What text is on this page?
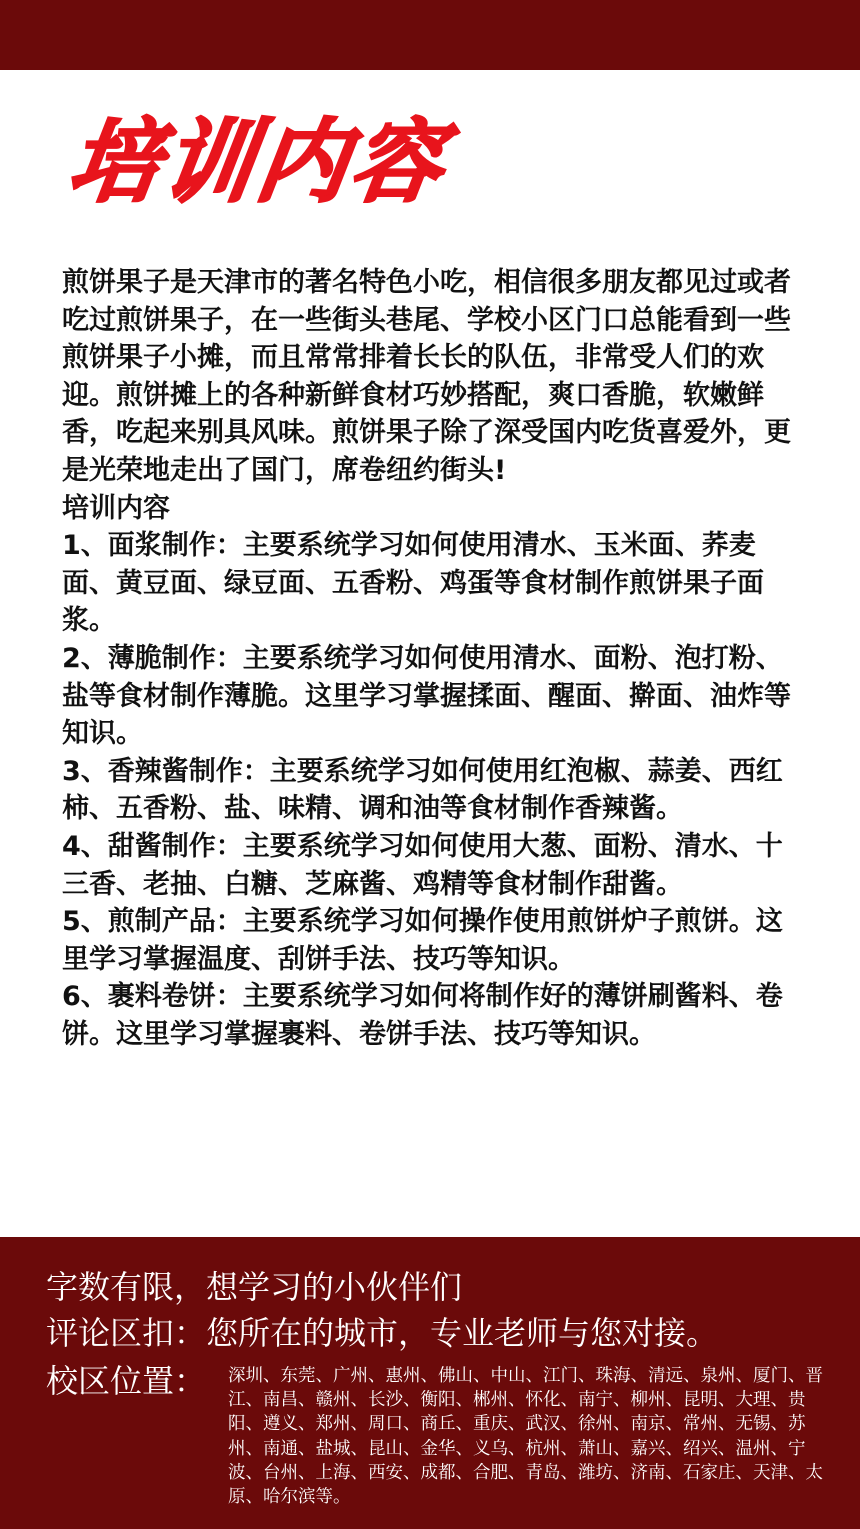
培训内容

煎饼果子是天津市的著名特色小吃，相信很多朋友都见过或者吃过煎饼果子，在一些街头巷尾、学校小区门口总能看到一些煎饼果子小摊，而且常常排着长长的队伍，非常受人们的欢迎。煎饼摊上的各种新鲜食材巧妙搭配，爽口香脆，软嫩鲜香，吃起来别具风味。煎饼果子除了深受国内吃货喜爱外，更是光荣地走出了国门，席卷纽约街头!

培训内容

1、面浆制作：主要系统学习如何使用清水、玉米面、荞麦面、黄豆面、绿豆面、五香粉、鸡蛋等食材制作煎饼果子面浆。

2、薄脆制作：主要系统学习如何使用清水、面粉、泡打粉、盐等食材制作薄脆。这里学习掌握揉面、醒面、擀面、油炸等知识。

3、香辣酱制作：主要系统学习如何使用红泡椒、蒜姜、西红柿、五香粉、盐、味精、调和油等食材制作香辣酱。

4、甜酱制作：主要系统学习如何使用大葱、面粉、清水、十三香、老抽、白糖、芝麻酱、鸡精等食材制作甜酱。

5、煎制产品：主要系统学习如何操作使用煎饼炉子煎饼。这里学习掌握温度、刮饼手法、技巧等知识。

6、裹料卷饼：主要系统学习如何将制作好的薄饼刷酱料、卷饼。这里学习掌握裹料、卷饼手法、技巧等知识。

字数有限，想学习的小伙伴们
评论区扣：您所在的城市，专业老师与您对接。
校区位置： 深圳、东莞、广州、惠州、佛山、中山、江门、珠海、清远、泉州、厦门、晋江、南昌、赣州、长沙、衡阳、郴州、怀化、南宁、柳州、昆明、大理、贵阳、遵义、郑州、周口、商丘、重庆、武汉、徐州、南京、常州、无锡、苏州、南通、盐城、昆山、金华、义乌、杭州、萧山、嘉兴、绍兴、温州、宁波、台州、上海、西安、成都、合肥、青岛、潍坊、济南、石家庄、天津、太原、哈尔滨等。
